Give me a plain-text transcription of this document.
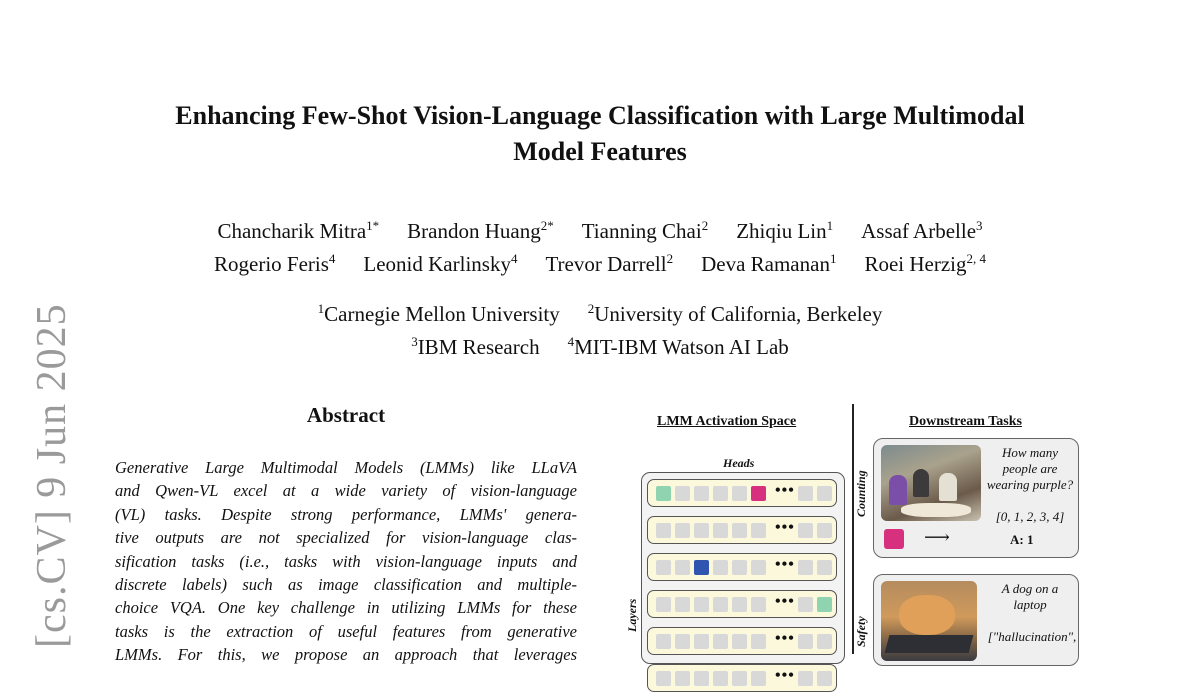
Enhancing Few-Shot Vision-Language Classification with Large Multimodal
Model Features
Chancharik Mitra$^{1*}$ Brandon Huang$^{2*}$ Tianning Chai$^2$ Zhiqiu Lin$^1$ Assaf Arbelle$^3$
Rogerio Feris$^4$ Leonid Karlinsky$^4$ Trevor Darrell$^2$ Deva Ramanan$^1$ Roei Herzig$^{2, 4}$
$^1$Carnegie Mellon University $^2$University of California, Berkeley
$^3$IBM Research $^4$MIT-IBM Watson AI Lab
[cs.CV] 9 Jun 2025	Abstract
Generative Large Multimodal Models (LMMs) like LLaVA
and Qwen-VL excel at a wide variety of vision-language
(VL) tasks. Despite strong performance, LMMs' genera-
tive outputs are not specialized for vision-language clas-
sification tasks (i.e., tasks with vision-language inputs and
discrete labels) such as image classification and multiple-
choice VQA. One key challenge in utilizing LMMs for these
tasks is the extraction of useful features from generative
LMMs. For this, we propose an approach that leverages
LMM Activation Space	Downstream Tasks
Heads
Layers
•••
•••
•••
•••
•••
•••
How many people are wearing purple?
[0, 1, 2, 3, 4]
⟶	A: 1
Counting
A dog on a laptop
["hallucination",
Safety
